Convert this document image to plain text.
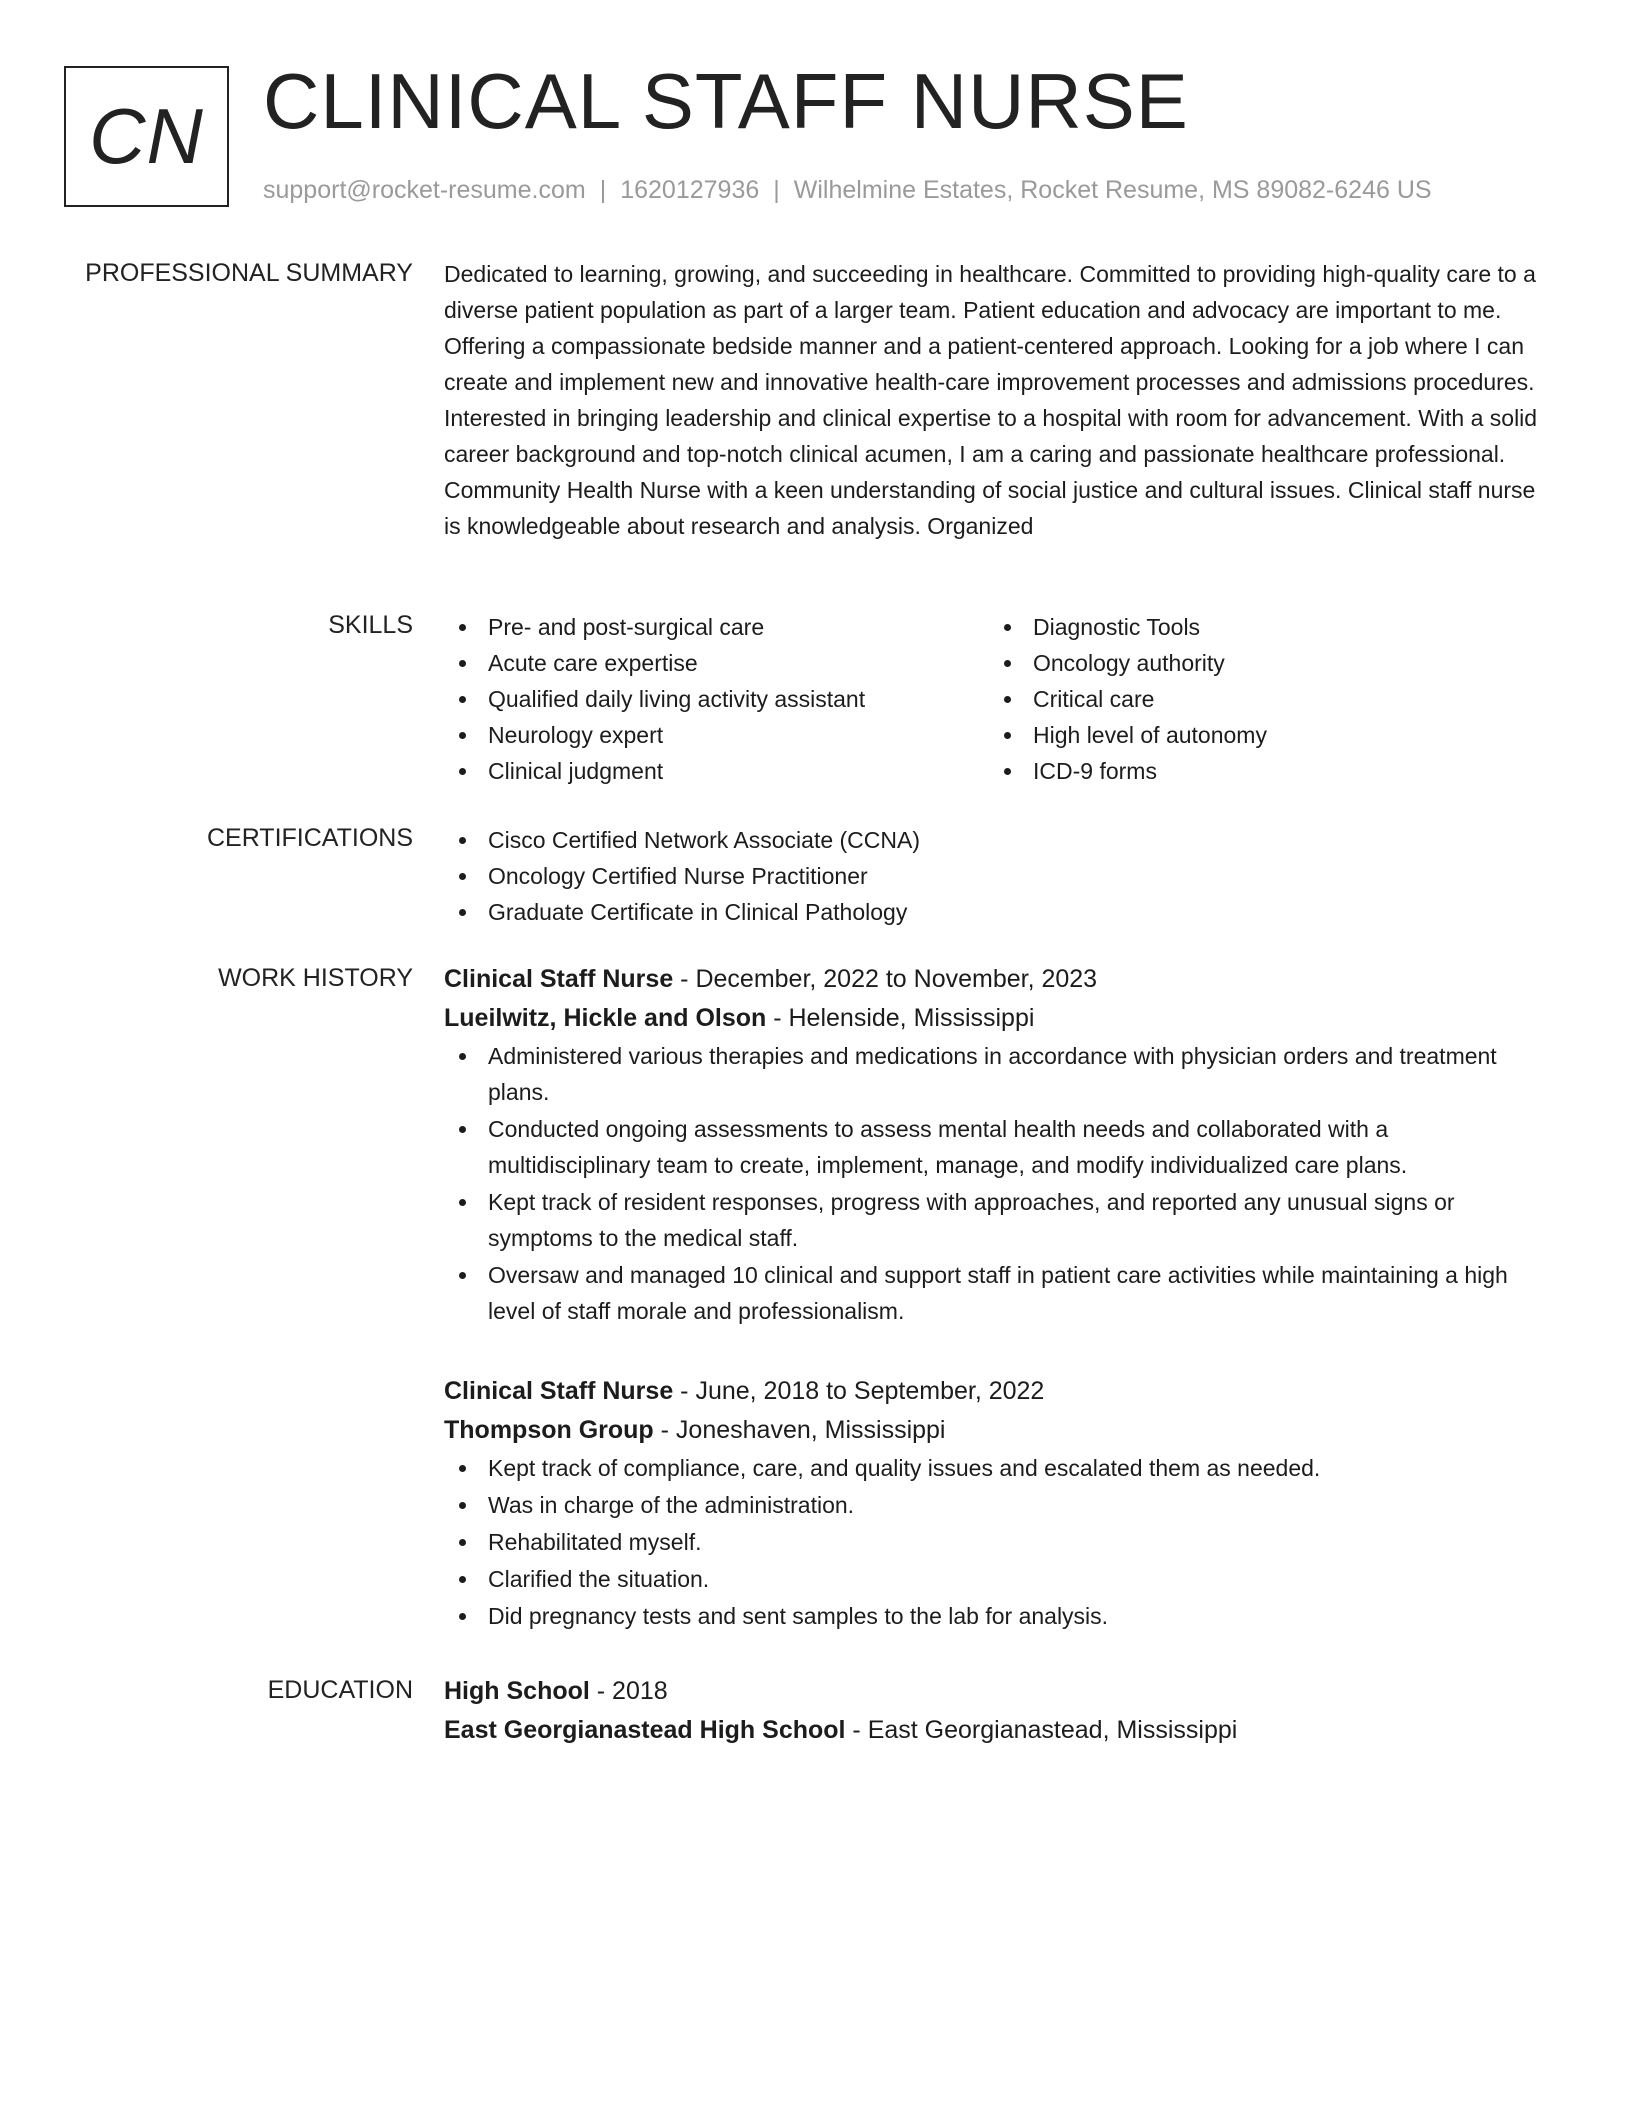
CN CLINICAL STAFF NURSE
support@rocket-resume.com | 1620127936 | Wilhelmine Estates, Rocket Resume, MS 89082-6246 US
PROFESSIONAL SUMMARY Dedicated to learning, growing, and succeeding in healthcare. Committed to providing high-quality care to a diverse patient population as part of a larger team. Patient education and advocacy are important to me. Offering a compassionate bedside manner and a patient-centered approach. Looking for a job where I can create and implement new and innovative health-care improvement processes and admissions procedures. Interested in bringing leadership and clinical expertise to a hospital with room for advancement. With a solid career background and top-notch clinical acumen, I am a caring and passionate healthcare professional. Community Health Nurse with a keen understanding of social justice and cultural issues. Clinical staff nurse is knowledgeable about research and analysis. Organized
SKILLS	Pre- and post-surgical care
Acute care expertise
Qualified daily living activity assistant
Neurology expert
Clinical judgment
Diagnostic Tools
Oncology authority
Critical care
High level of autonomy
ICD-9 forms
CERTIFICATIONS	Cisco Certified Network Associate (CCNA)
Oncology Certified Nurse Practitioner
Graduate Certificate in Clinical Pathology
WORK HISTORY Clinical Staff Nurse - December, 2022 to November, 2023
Lueilwitz, Hickle and Olson - Helenside, Mississippi
Administered various therapies and medications in accordance with physician orders and treatment plans.
Conducted ongoing assessments to assess mental health needs and collaborated with a multidisciplinary team to create, implement, manage, and modify individualized care plans.
Kept track of resident responses, progress with approaches, and reported any unusual signs or symptoms to the medical staff.
Oversaw and managed 10 clinical and support staff in patient care activities while maintaining a high level of staff morale and professionalism.
Clinical Staff Nurse - June, 2018 to September, 2022
Thompson Group - Joneshaven, Mississippi
Kept track of compliance, care, and quality issues and escalated them as needed.
Was in charge of the administration.
Rehabilitated myself.
Clarified the situation.
Did pregnancy tests and sent samples to the lab for analysis.
EDUCATION High School - 2018
East Georgianastead High School - East Georgianastead, Mississippi
